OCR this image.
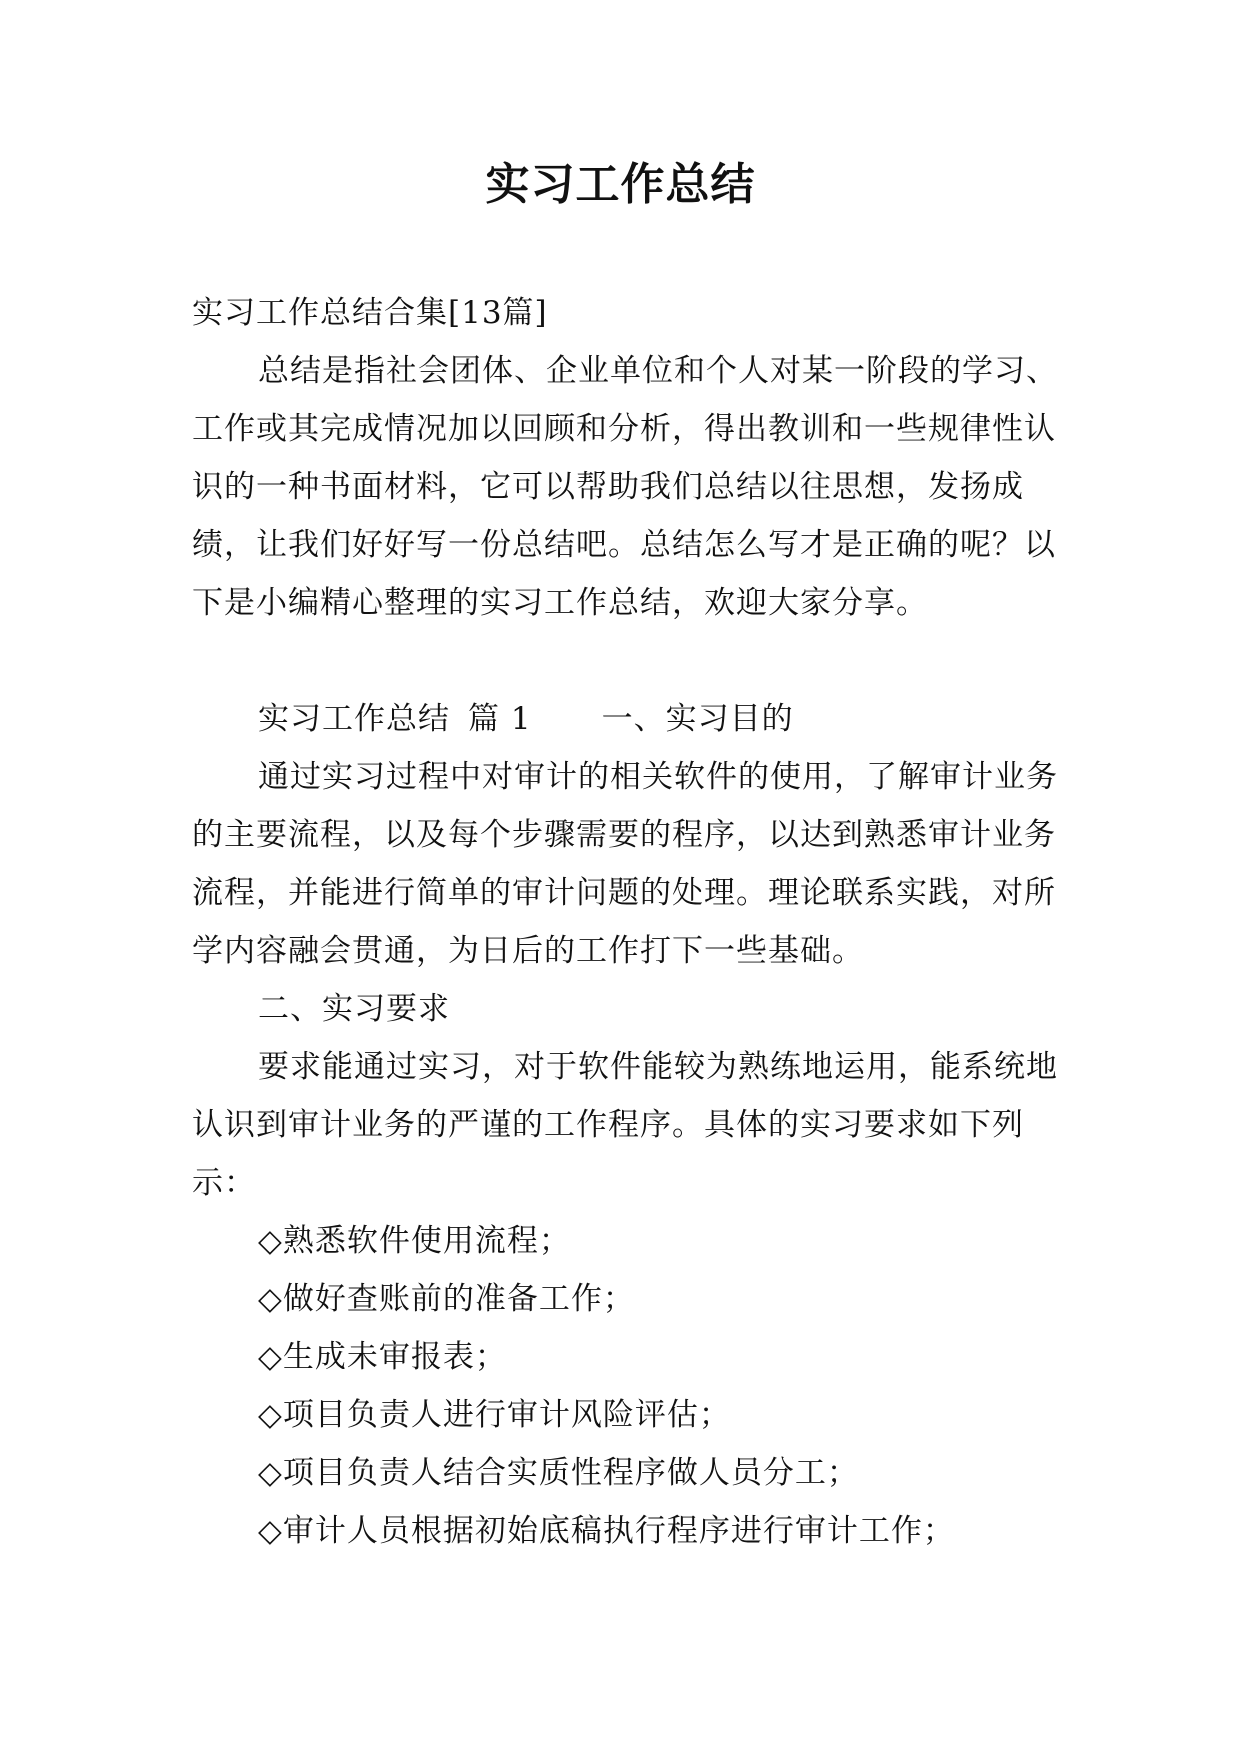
实习工作总结

实习工作总结合集[13篇]

总结是指社会团体、企业单位和个人对某一阶段的学习、工作或其完成情况加以回顾和分析，得出教训和一些规律性认识的一种书面材料，它可以帮助我们总结以往思想，发扬成绩，让我们好好写一份总结吧。总结怎么写才是正确的呢？以下是小编精心整理的实习工作总结，欢迎大家分享。

实习工作总结 篇 1 一、实习目的

通过实习过程中对审计的相关软件的使用，了解审计业务的主要流程，以及每个步骤需要的程序，以达到熟悉审计业务流程，并能进行简单的审计问题的处理。理论联系实践，对所学内容融会贯通，为日后的工作打下一些基础。

二、实习要求

要求能通过实习，对于软件能较为熟练地运用，能系统地认识到审计业务的严谨的工作程序。具体的实习要求如下列示：

◇熟悉软件使用流程；

◇做好查账前的准备工作；

◇生成未审报表；

◇项目负责人进行审计风险评估；

◇项目负责人结合实质性程序做人员分工；

◇审计人员根据初始底稿执行程序进行审计工作；
